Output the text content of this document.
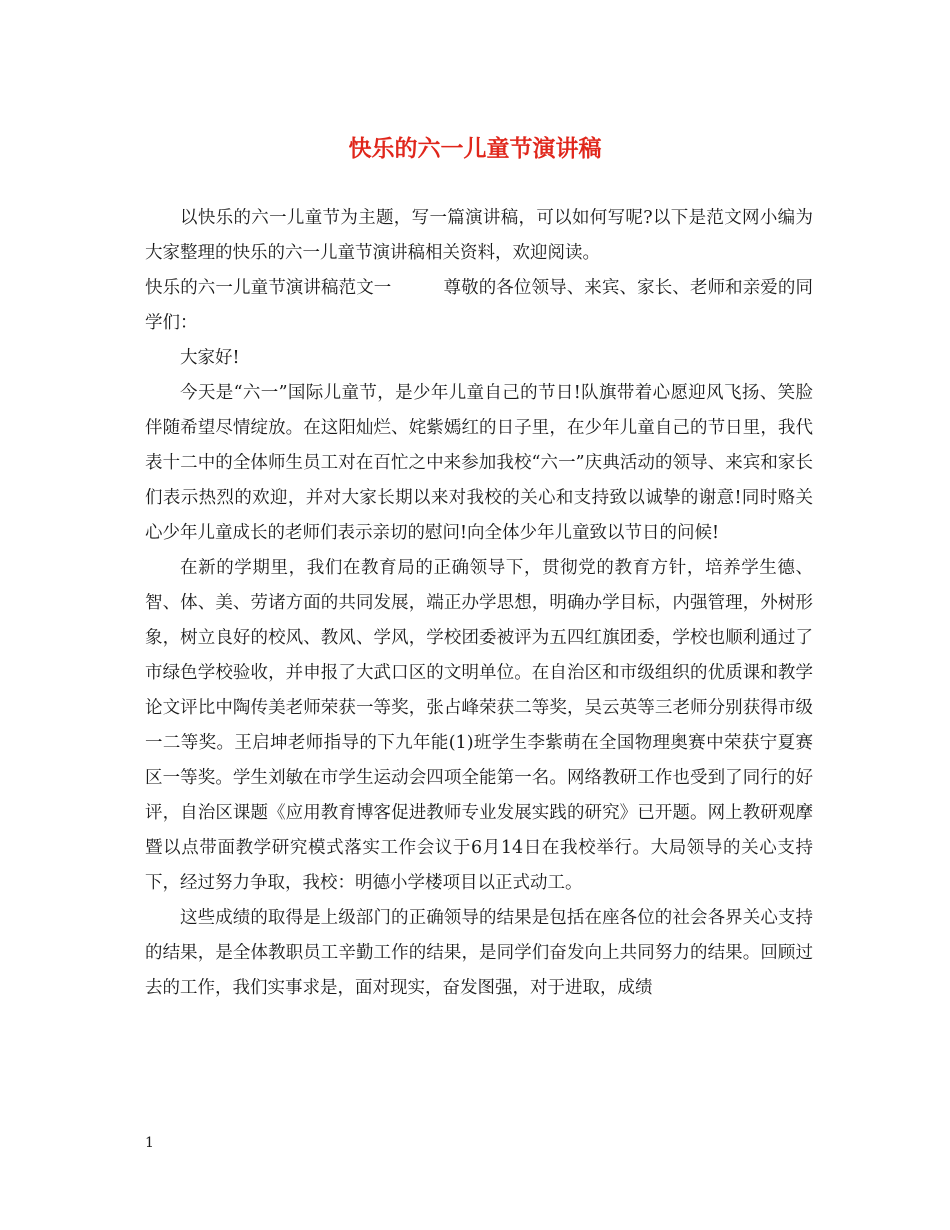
快乐的六一儿童节演讲稿

以快乐的六一儿童节为主题，写一篇演讲稿，可以如何写呢?以下是范文网小编为大家整理的快乐的六一儿童节演讲稿相关资料，欢迎阅读。

快乐的六一儿童节演讲稿范文一	尊敬的各位领导、来宾、家长、老师和亲爱的同学们：

大家好!

今天是“六一”国际儿童节，是少年儿童自己的节日!队旗带着心愿迎风飞扬、笑脸伴随希望尽情绽放。在这阳灿烂、姹紫嫣红的日子里，在少年儿童自己的节日里，我代表十二中的全体师生员工对在百忙之中来参加我校“六一”庆典活动的领导、来宾和家长们表示热烈的欢迎，并对大家长期以来对我校的关心和支持致以诚挚的谢意!同时赂关心少年儿童成长的老师们表示亲切的慰问!向全体少年儿童致以节日的问候!

在新的学期里，我们在教育局的正确领导下，贯彻党的教育方针，培养学生德、智、体、美、劳诸方面的共同发展，端正办学思想，明确办学目标，内强管理，外树形象，树立良好的校风、教风、学风，学校团委被评为五四红旗团委，学校也顺利通过了市绿色学校验收，并申报了大武口区的文明单位。在自治区和市级组织的优质课和教学论文评比中陶传美老师荣获一等奖，张占峰荣获二等奖，吴云英等三老师分别获得市级一二等奖。王启坤老师指导的下九年能(1)班学生李紫萌在全国物理奥赛中荣获宁夏赛区一等奖。学生刘敏在市学生运动会四项全能第一名。网络教研工作也受到了同行的好评，自治区课题《应用教育博客促进教师专业发展实践的研究》已开题。网上教研观摩暨以点带面教学研究模式落实工作会议于6月14日在我校举行。大局领导的关心支持下，经过努力争取，我校：明德小学楼项目以正式动工。

这些成绩的取得是上级部门的正确领导的结果是包括在座各位的社会各界关心支持的结果，是全体教职员工辛勤工作的结果，是同学们奋发向上共同努力的结果。回顾过去的工作，我们实事求是，面对现实，奋发图强，对于进取，成绩

1
